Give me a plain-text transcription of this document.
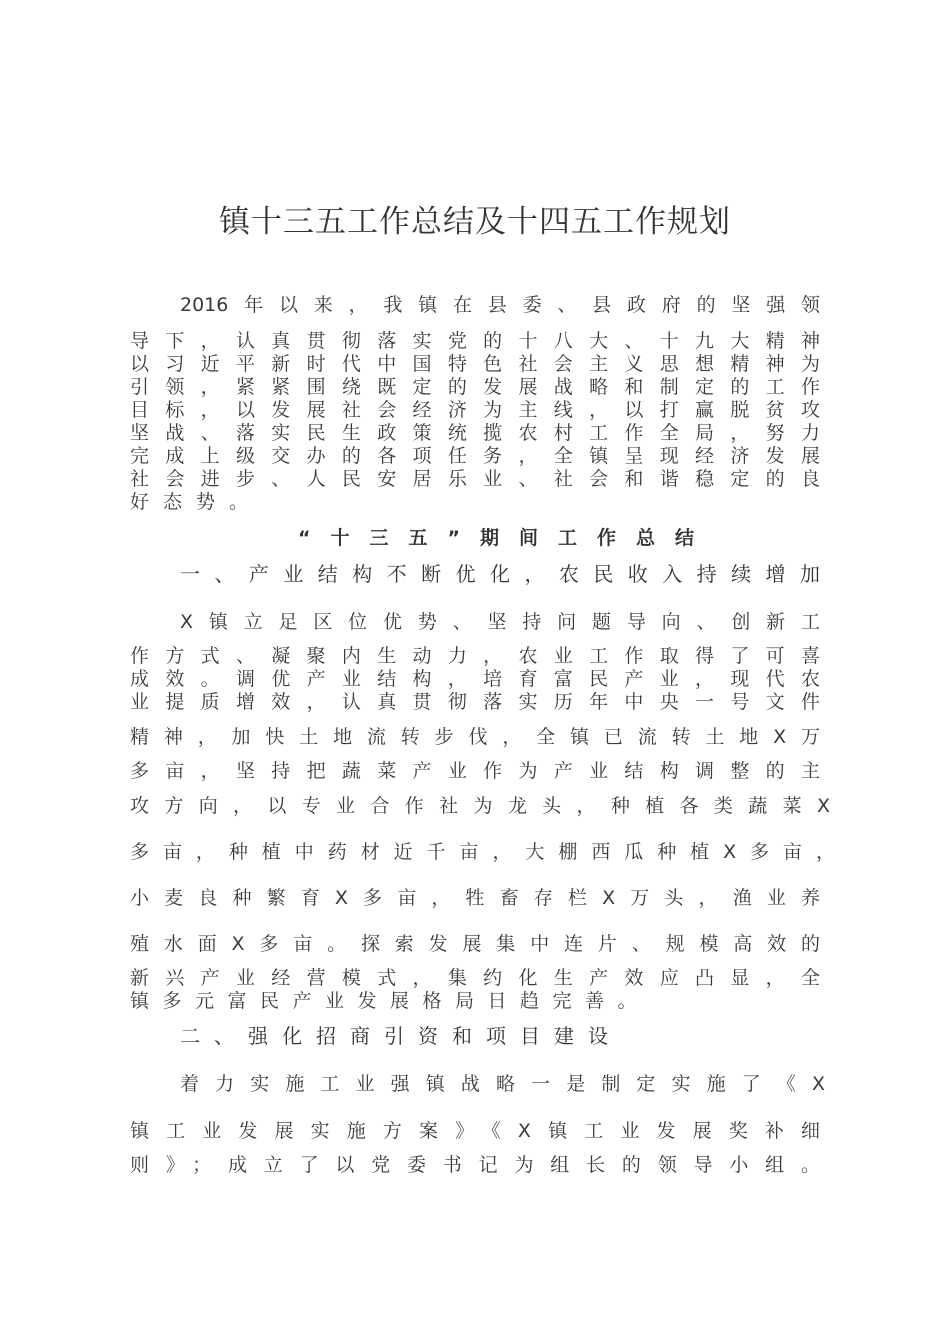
镇十三五工作总结及十四五工作规划
2016年以来，我镇在县委、县政府的坚强领
导下，认真贯彻落实党的十八大、十九大精神
以习近平新时代中国特色社会主义思想精神为
引领，紧紧围绕既定的发展战略和制定的工作
目标，以发展社会经济为主线，以打赢脱贫攻
坚战、落实民生政策统揽农村工作全局，努力
完成上级交办的各项任务，全镇呈现经济发展
社会进步、人民安居乐业、社会和谐稳定的良
好态势。
“十三五”期间工作总结
一、产业结构不断优化，农民收入持续增加
X镇立足区位优势、坚持问题导向、创新工
作方式、凝聚内生动力，农业工作取得了可喜
成效。调优产业结构，培育富民产业，现代农
业提质增效，认真贯彻落实历年中央一号文件
精神，加快土地流转步伐，全镇已流转土地X万
多亩，坚持把蔬菜产业作为产业结构调整的主
攻方向，以专业合作社为龙头，种植各类蔬菜X
多亩，种植中药材近千亩，大棚西瓜种植X多亩，
小麦良种繁育X多亩，牲畜存栏X万头，渔业养
殖水面X多亩。探索发展集中连片、规模高效的
新兴产业经营模式，集约化生产效应凸显，全
镇多元富民产业发展格局日趋完善。
二、强化招商引资和项目建设
着力实施工业强镇战略一是制定实施了《X
镇工业发展实施方案》《X镇工业发展奖补细
则》；成立了以党委书记为组长的领导小组。
